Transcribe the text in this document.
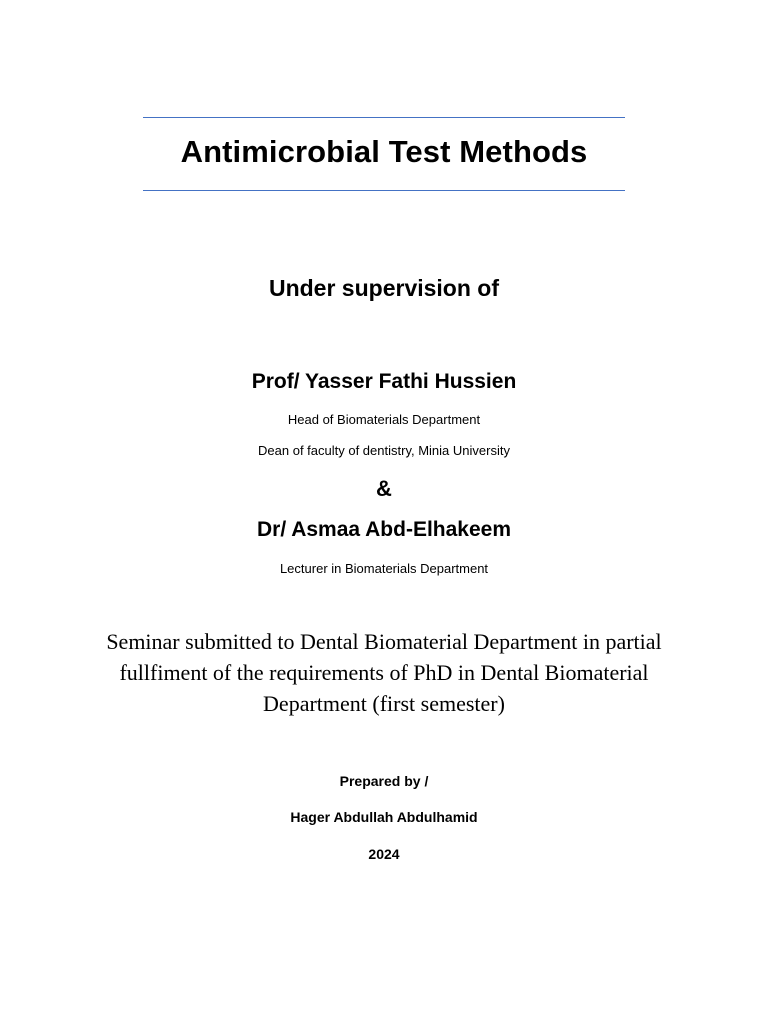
Antimicrobial Test Methods
Under supervision of
Prof/ Yasser Fathi Hussien
Head of Biomaterials Department
Dean of faculty of dentistry, Minia University
&
Dr/ Asmaa Abd-Elhakeem
Lecturer in Biomaterials Department
Seminar submitted to Dental Biomaterial Department in partial
fullfiment of the requirements of PhD in Dental Biomaterial
Department (first semester)
Prepared by /
Hager Abdullah Abdulhamid
2024
